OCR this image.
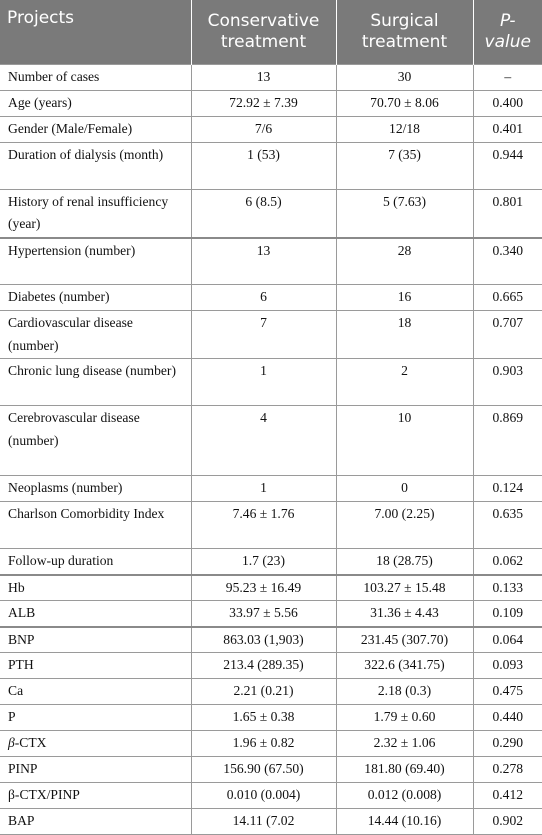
Projects	Conservative treatment	Surgical treatment	P-value
Number of cases	13	30	–
Age (years)	72.92 ± 7.39	70.70 ± 8.06	0.400
Gender (Male/Female)	7/6	12/18	0.401
Duration of dialysis (month)	1 (53)	7 (35)	0.944
History of renal insufficiency (year)	6 (8.5)	5 (7.63)	0.801
Hypertension (number)	13	28	0.340
Diabetes (number)	6	16	0.665
Cardiovascular disease (number)	7	18	0.707
Chronic lung disease (number)	1	2	0.903
Cerebrovascular disease (number)	4	10	0.869
Neoplasms (number)	1	0	0.124
Charlson Comorbidity Index	7.46 ± 1.76	7.00 (2.25)	0.635
Follow-up duration	1.7 (23)	18 (28.75)	0.062
Hb	95.23 ± 16.49	103.27 ± 15.48	0.133
ALB	33.97 ± 5.56	31.36 ± 4.43	0.109
BNP	863.03 (1,903)	231.45 (307.70)	0.064
PTH	213.4 (289.35)	322.6 (341.75)	0.093
Ca	2.21 (0.21)	2.18 (0.3)	0.475
P	1.65 ± 0.38	1.79 ± 0.60	0.440
β-CTX	1.96 ± 0.82	2.32 ± 1.06	0.290
PINP	156.90 (67.50)	181.80 (69.40)	0.278
β-CTX/PINP	0.010 (0.004)	0.012 (0.008)	0.412
BAP	14.11 (7.02	14.44 (10.16)	0.902
